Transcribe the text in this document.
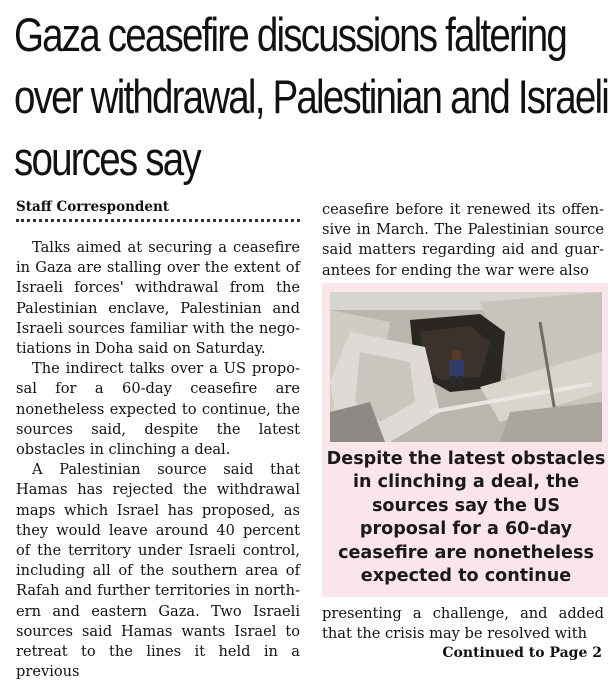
Gaza ceasefire discussions faltering over withdrawal, Palestinian and Israeli sources say
Staff Correspondent

Talks aimed at securing a ceasefire in Gaza are stalling over the extent of Israeli forces' withdrawal from the Palestinian enclave, Palestinian and Israeli sources familiar with the negotiations in Doha said on Saturday.

The indirect talks over a US proposal for a 60-day ceasefire are nonetheless expected to continue, the sources said, despite the latest obstacles in clinching a deal.

A Palestinian source said that Hamas has rejected the withdrawal maps which Israel has proposed, as they would leave around 40 percent of the territory under Israeli control, including all of the southern area of Rafah and further territories in northern and eastern Gaza. Two Israeli sources said Hamas wants Israel to retreat to the lines it held in a previous

ceasefire before it renewed its offensive in March. The Palestinian source said matters regarding aid and guarantees for ending the war were also

Despite the latest obstacles in clinching a deal, the sources say the US proposal for a 60-day ceasefire are nonetheless expected to continue

presenting a challenge, and added that the crisis may be resolved with

Continued to Page 2
